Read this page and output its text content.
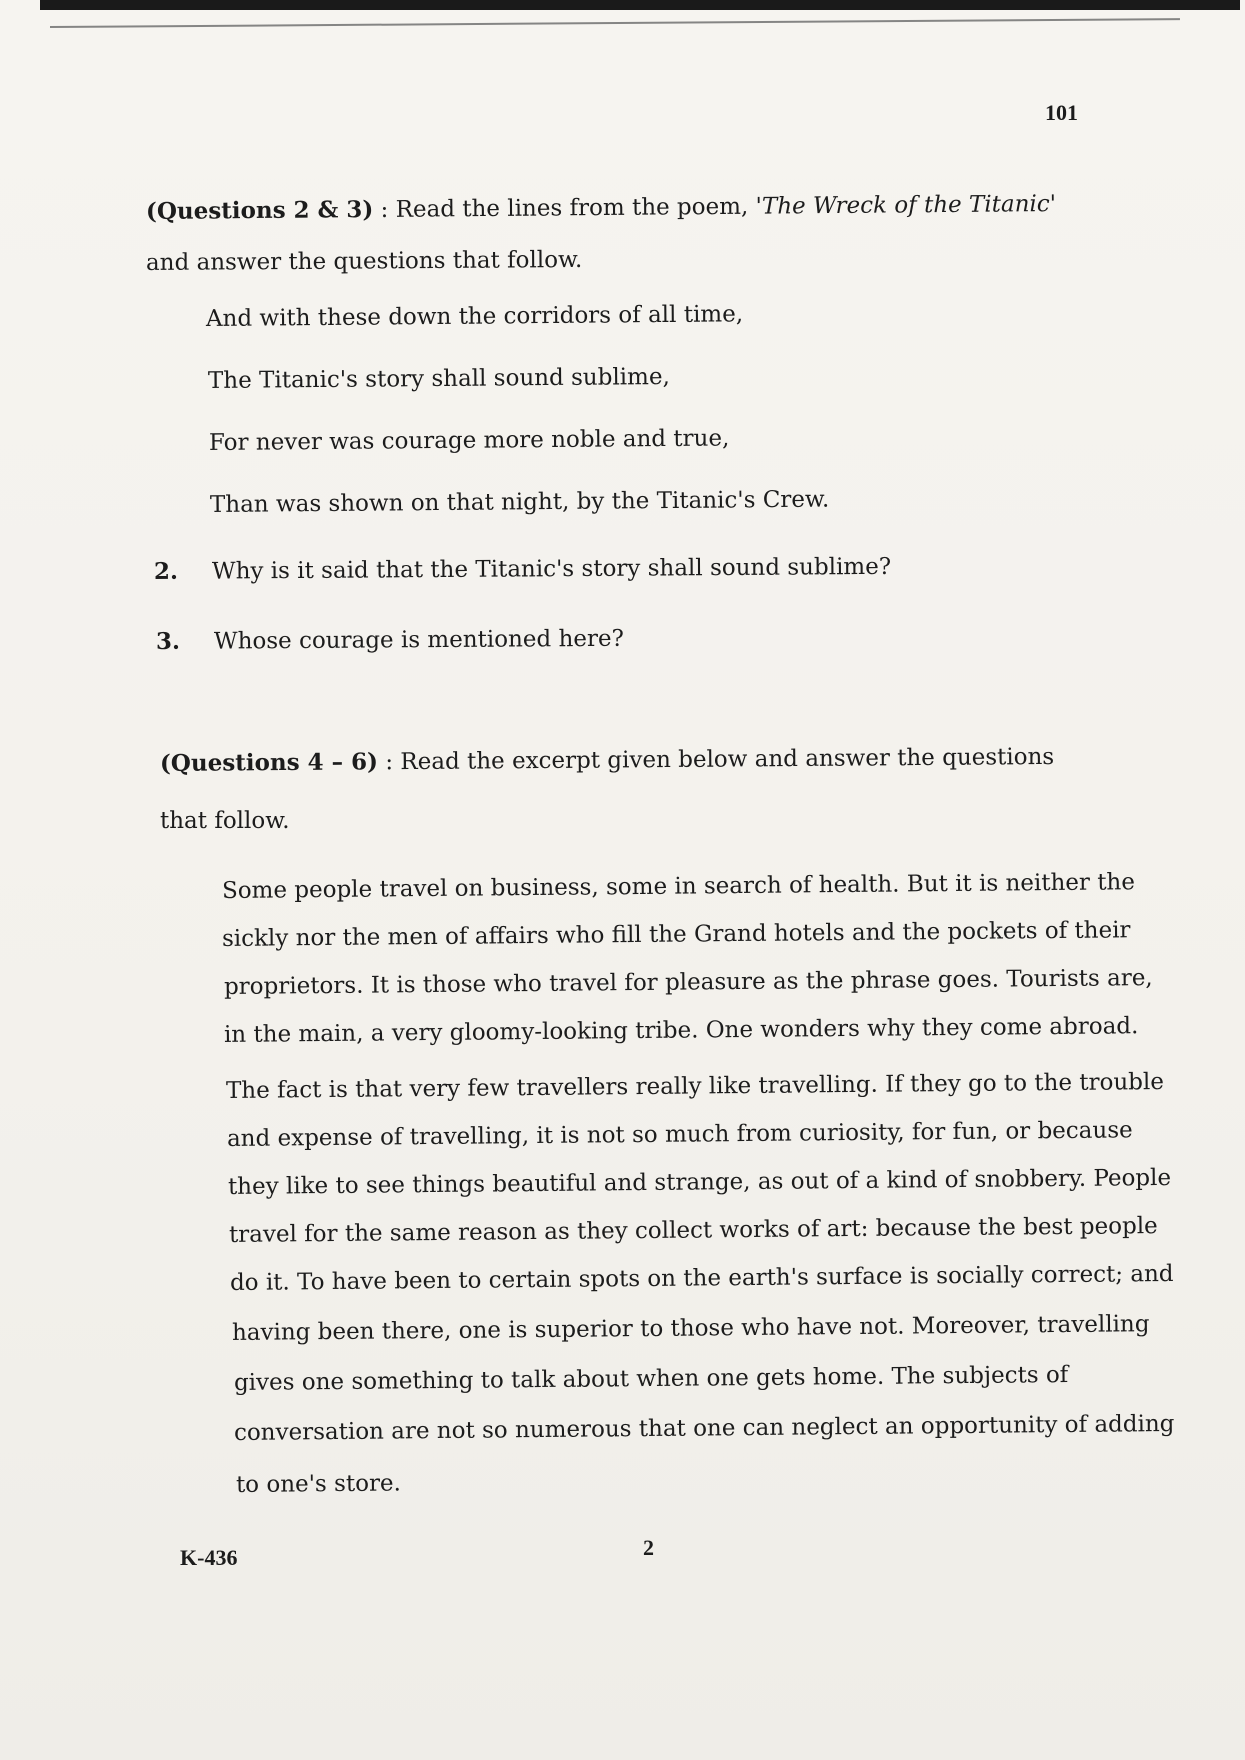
101
(Questions 2 & 3) : Read the lines from the poem, 'The Wreck of the Titanic'
and answer the questions that follow.
And with these down the corridors of all time,
The Titanic's story shall sound sublime,
For never was courage more noble and true,
Than was shown on that night, by the Titanic's Crew.
2. Why is it said that the Titanic's story shall sound sublime?
3. Whose courage is mentioned here?
(Questions 4 – 6) : Read the excerpt given below and answer the questions
that follow.
Some people travel on business, some in search of health. But it is neither the
sickly nor the men of affairs who fill the Grand hotels and the pockets of their
proprietors. It is those who travel for pleasure as the phrase goes. Tourists are,
in the main, a very gloomy-looking tribe. One wonders why they come abroad.
The fact is that very few travellers really like travelling. If they go to the trouble
and expense of travelling, it is not so much from curiosity, for fun, or because
they like to see things beautiful and strange, as out of a kind of snobbery. People
travel for the same reason as they collect works of art: because the best people
do it. To have been to certain spots on the earth's surface is socially correct; and
having been there, one is superior to those who have not. Moreover, travelling
gives one something to talk about when one gets home. The subjects of
conversation are not so numerous that one can neglect an opportunity of adding
to one's store.
K-436	2
